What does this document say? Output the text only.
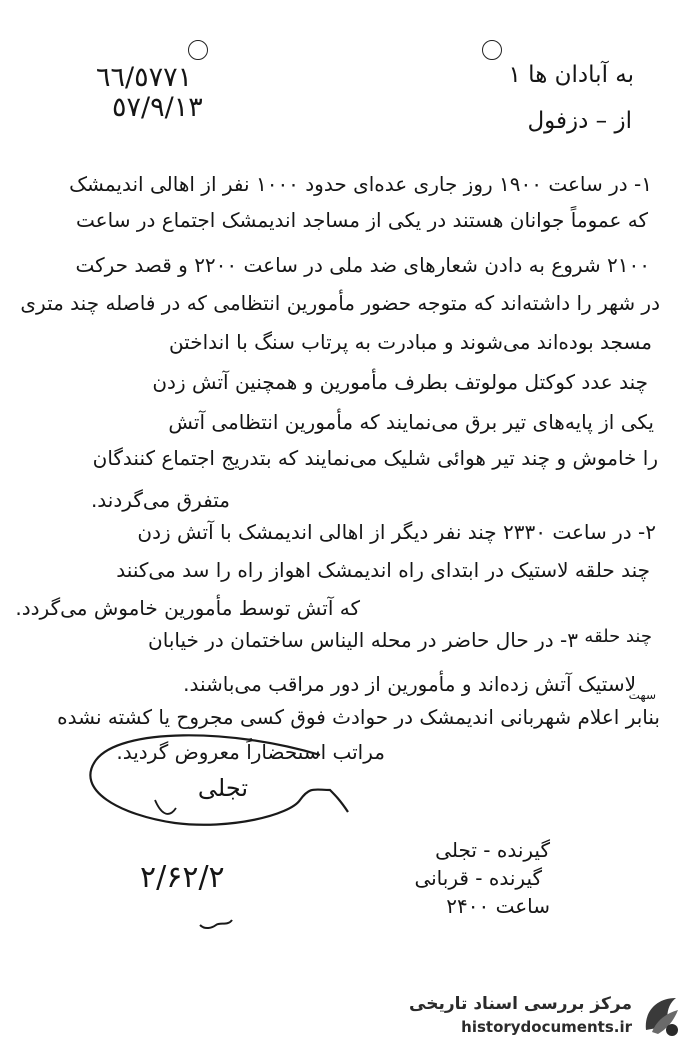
٦٦/٥٧٧١
٥٧/٩/١٣
به‌ آبادان ها ۱
از – دزفول
۱- در ساعت ۱۹۰۰ روز جاری عده‌ای حدود ۱۰۰۰ نفر از اهالی اندیمشک
که عموماً جوانان هستند در یکی از مساجد اندیمشک اجتماع در ساعت
۲۱۰۰ شروع به دادن شعارهای ضد ملی در ساعت ۲۲۰۰ و قصد حرکت
در شهر را داشته‌اند که متوجه حضور مأمورین انتظامی که در فاصله چند متری
مسجد بوده‌اند می‌شوند و مبادرت به پرتاب سنگ با انداختن
چند عدد کوکتل مولوتف بطرف مأمورین و همچنین آتش زدن
یکی از پایه‌های تیر برق می‌نمایند که مأمورین انتظامی آتش
را خاموش و چند تیر هوائی شلیک می‌نمایند که بتدریج اجتماع کنندگان
متفرق می‌گردند.
۲- در ساعت ۲۳۳۰ چند نفر دیگر از اهالی اندیمشک با آتش زدن
چند حلقه لاستیک در ابتدای راه اندیمشک اهواز راه را سد می‌کنند
که آتش توسط مأمورین خاموش می‌گردد.
۳- در حال حاضر در محله الیناس ساختمان در خیابان چند حلقه
لاستیک آتش زده‌اند و مأمورین از دور مراقب می‌باشند.
بنابر اعلام شهربانی اندیمشک در حوادث فوق کسی مجروح یا کشته نشده
سهت
مراتب استحضاراً معروض گردید.
تجلی
۲/۶۲/۲
گیرنده - تجلی
گیرنده - قربانی
ساعت ۲۴۰۰
مرکز بررسی اسناد تاریخی
historydocuments.ir
